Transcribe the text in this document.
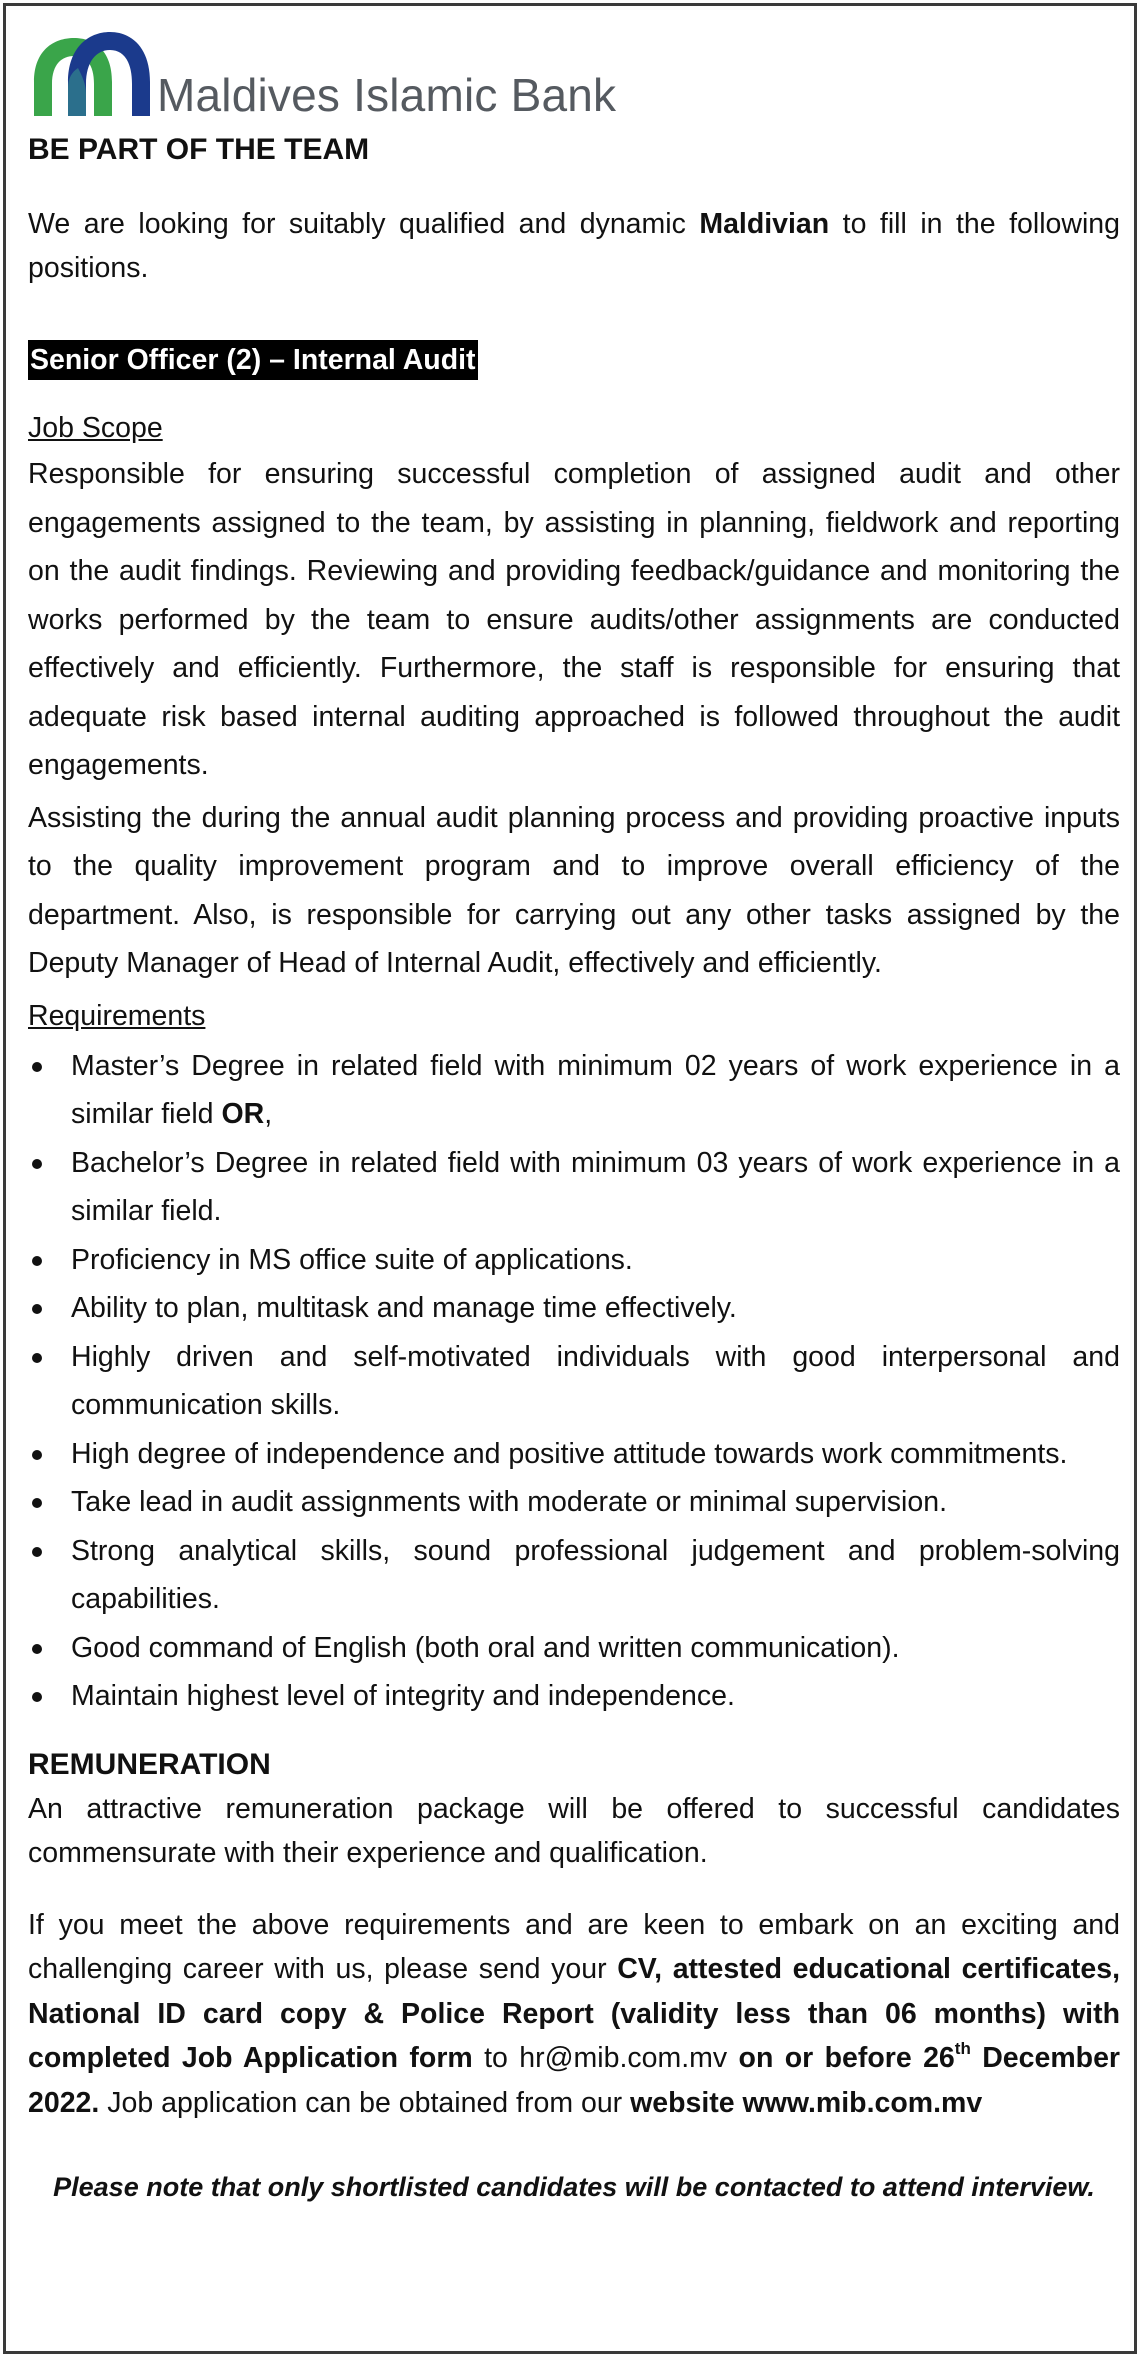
Maldives Islamic Bank
BE PART OF THE TEAM

We are looking for suitably qualified and dynamic Maldivian to fill in the following positions.

Senior Officer (2) – Internal Audit
Job Scope

Responsible for ensuring successful completion of assigned audit and other engagements assigned to the team, by assisting in planning, fieldwork and reporting on the audit findings. Reviewing and providing feedback/guidance and monitoring the works performed by the team to ensure audits/other assignments are conducted effectively and efficiently. Furthermore, the staff is responsible for ensuring that adequate risk based internal auditing approached is followed throughout the audit engagements.

Assisting the during the annual audit planning process and providing proactive inputs to the quality improvement program and to improve overall efficiency of the department. Also, is responsible for carrying out any other tasks assigned by the Deputy Manager of Head of Internal Audit, effectively and efficiently.

Requirements
Master’s Degree in related field with minimum 02 years of work experience in a similar field OR,
Bachelor’s Degree in related field with minimum 03 years of work experience in a similar field.
Proficiency in MS office suite of applications.
Ability to plan, multitask and manage time effectively.
Highly driven and self-motivated individuals with good interpersonal and communication skills.
High degree of independence and positive attitude towards work commitments.
Take lead in audit assignments with moderate or minimal supervision.
Strong analytical skills, sound professional judgement and problem-solving capabilities.
Good command of English (both oral and written communication).
Maintain highest level of integrity and independence.
REMUNERATION

An attractive remuneration package will be offered to successful candidates commensurate with their experience and qualification.

If you meet the above requirements and are keen to embark on an exciting and challenging career with us, please send your CV, attested educational certificates, National ID card copy & Police Report (validity less than 06 months) with completed Job Application form to hr@mib.com.mv on or before 26th December 2022. Job application can be obtained from our website www.mib.com.mv

Please note that only shortlisted candidates will be contacted to attend interview.
